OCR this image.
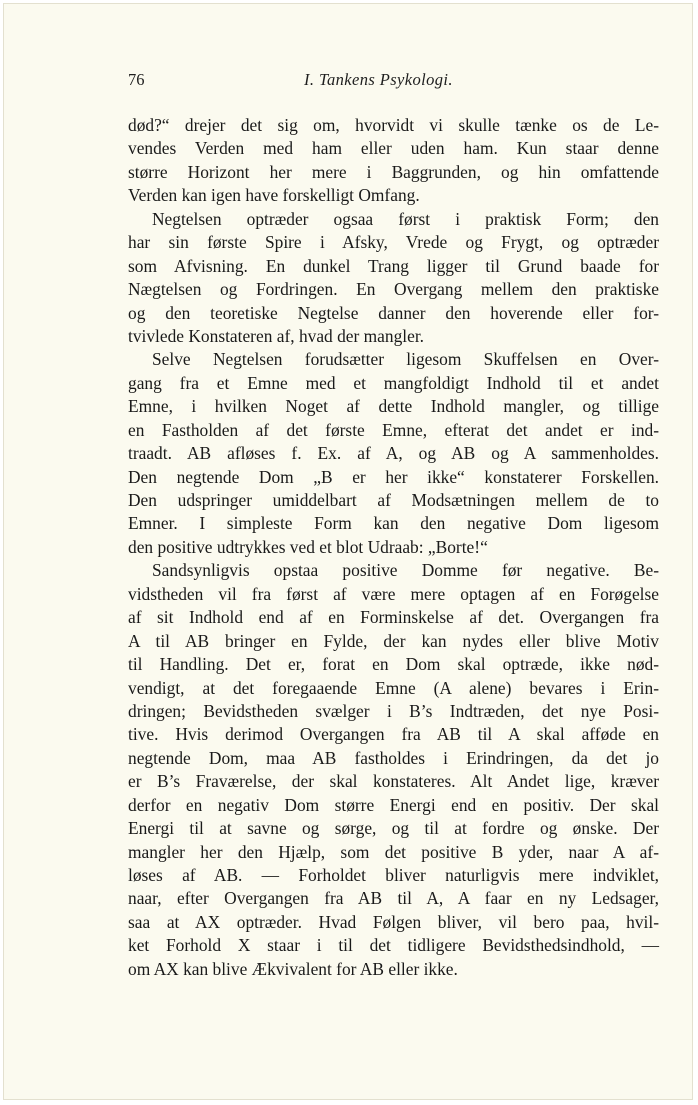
76	I. Tankens Psykologi.
død?“ drejer det sig om, hvorvidt vi skulle tænke os de Le-
vendes Verden med ham eller uden ham. Kun staar denne
større Horizont her mere i Baggrunden, og hin omfattende
Verden kan igen have forskelligt Omfang.
Negtelsen optræder ogsaa først i praktisk Form; den
har sin første Spire i Afsky, Vrede og Frygt, og optræder
som Afvisning. En dunkel Trang ligger til Grund baade for
Nægtelsen og Fordringen. En Overgang mellem den praktiske
og den teoretiske Negtelse danner den hoverende eller for-
tvivlede Konstateren af, hvad der mangler.
Selve Negtelsen forudsætter ligesom Skuffelsen en Over-
gang fra et Emne med et mangfoldigt Indhold til et andet
Emne, i hvilken Noget af dette Indhold mangler, og tillige
en Fastholden af det første Emne, efterat det andet er ind-
traadt. AB afløses f. Ex. af A, og AB og A sammenholdes.
Den negtende Dom „B er her ikke“ konstaterer Forskellen.
Den udspringer umiddelbart af Modsætningen mellem de to
Emner. I simpleste Form kan den negative Dom ligesom
den positive udtrykkes ved et blot Udraab: „Borte!“
Sandsynligvis opstaa positive Domme før negative. Be-
vidstheden vil fra først af være mere optagen af en Forøgelse
af sit Indhold end af en Forminskelse af det. Overgangen fra
A til AB bringer en Fylde, der kan nydes eller blive Motiv
til Handling. Det er, forat en Dom skal optræde, ikke nød-
vendigt, at det foregaaende Emne (A alene) bevares i Erin-
dringen; Bevidstheden svælger i B’s Indtræden, det nye Posi-
tive. Hvis derimod Overgangen fra AB til A skal afføde en
negtende Dom, maa AB fastholdes i Erindringen, da det jo
er B’s Fraværelse, der skal konstateres. Alt Andet lige, kræver
derfor en negativ Dom større Energi end en positiv. Der skal
Energi til at savne og sørge, og til at fordre og ønske. Der
mangler her den Hjælp, som det positive B yder, naar A af-
løses af AB. — Forholdet bliver naturligvis mere indviklet,
naar, efter Overgangen fra AB til A, A faar en ny Ledsager,
saa at AX optræder. Hvad Følgen bliver, vil bero paa, hvil-
ket Forhold X staar i til det tidligere Bevidsthedsindhold, —
om AX kan blive Ækvivalent for AB eller ikke.
